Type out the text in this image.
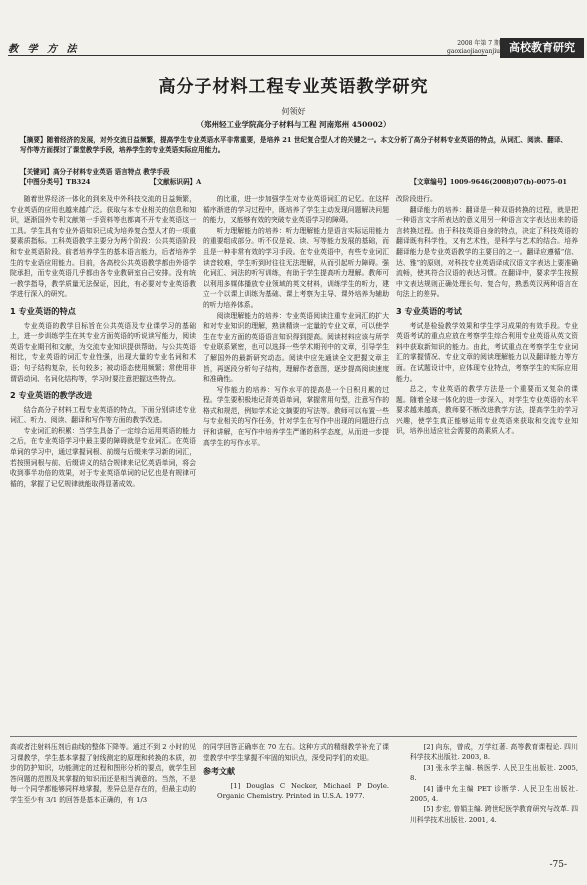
教 学 方 法
2008 年第 7 期
gaoxiaojiaoyanjiu 高校教育研究
高分子材料工程专业英语教学研究
何领好
（郑州轻工业学院高分子材料与工程 河南郑州 450002）
【摘要】随着经济的发展，对外交流日益频繁，提高学生专业英语水平非常重要，是培养 21 世纪复合型人才的关键之一。本文分析了高分子材料专业英语的特点，从词汇、阅读、翻译、写作等方面探讨了课堂教学手段，培养学生的专业英语实际应用能力。
【关键词】高分子材料专业英语 语言特点 教学手段
【中图分类号】TB324	【文献标识码】A	【文章编号】1009-9646(2008)07(b)-0075-01

随着世界经济一体化的到来及中外科技交流的日益频繁，专业英语的应用也越来越广泛。获取与本专业相关的信息和知识，逐渐国外专利文献第一手资料等也都离不开专业英语这一工具。学生具有专业外语知识已成为培养复合型人才的一项重要素质指标。工科英语教学主要分为两个阶段：公共英语阶段和专业英语阶段。前者培养学生的基本语言能力，后者培养学生的专业语应用能力。目前，各高校公共英语教学都由外语学院承担，而专业英语几乎都由各专业教研室自己安排。没有统一教学指导，教学质量无法保证，因此，有必要对专业英语教学进行深入的研究。

1 专业英语的特点

专业英语的教学目标旨在公共英语及专业课学习的基础上，进一步训练学生在其专业方面英语的听说读写能力，阅读英语专业期刊和文献，为交流专业知识提供帮助。与公共英语相比，专业英语的词汇专业性强，出现大量的专业名词和术语；句子结构复杂，长句较多；被动语态使用频繁；常使用非谓语动词、名词化结构等，学习时要注意把握这些特点。

2 专业英语的教学改进

结合高分子材料工程专业英语的特点，下面分别讲述专业词汇、听力、阅读、翻译和写作等方面的教学改进。

专业词汇的积累：当学生具备了一定综合运用英语的能力之后，在专业英语学习中最主要的障碍就是专业词汇。在英语单词的学习中，通过掌握词根、前缀与后缀来学习新的词汇，若按照词根与前、后缀讲义的结合规律来记忆英语单词，将会收到事半功倍的效果，对于专业英语单词的记忆也是有规律可循的，掌握了记忆规律就能取得显著成效。

的比重，进一步加强学生对专业英语词汇的记忆。在这样循序渐进的学习过程中，既培养了学生主动发现问题解决问题的能力，又能够有效的突破专业英语学习的障碍。

听力理解能力的培养：听力理解能力是语言实际运用能力的重要组成部分。听不仅是说、读、写等能力发展的基础，而且是一种非常有效的学习手段。在专业英语中，有些专业词汇读音较难，学生听到时往往无法理解，从而引起听力障碍。强化词汇、词法的听写训练，有助于学生提高听力理解。教师可以利用多媒体播放专业领域的英文材料，训练学生的听力，建立一个以课上训练为基础、课上考察为主导、课外培养为辅助的听力培养体系。

阅读理解能力的培养：专业英语阅读注重专业词汇的扩大和对专业知识的理解，熟读精读一定量的专业文章，可以使学生在专业方面的英语语言知识得到提高。阅读材料应该与所学专业联系紧密，也可以选择一些学术期刊中的文章，引导学生了解国外的最新研究动态。阅读中应先通读全文把握文章主旨，再逐段分析句子结构，理解作者意图，逐步提高阅读速度和准确性。

写作能力的培养：写作水平的提高是一个日积月累的过程。学生要积极地记背英语单词，掌握常用句型，注意写作的格式和规范，例如学术论文摘要的写法等。教师可以布置一些与专业相关的写作任务，针对学生在写作中出现的问题进行点评和讲解，在写作中培养学生严谨的科学态度，从而进一步提高学生的写作水平。

改阶段进行。

翻译能力的培养：翻译是一种双语转换的过程，就是把一种语言文字所表达的意义用另一种语言文字表达出来的语言转换过程。由于科技英语自身的特点，决定了科技英语的翻译既有科学性，又有艺术性，是科学与艺术的结合。培养翻译能力是专业英语教学的主要目的之一。翻译应遵循“信、达、雅”的原则，对科技专业英语译成汉语文字表达上要准确流畅，使其符合汉语的表达习惯。在翻译中，要求学生按照中文表达规则正确处理长句、复合句，熟悉英汉两种语言在句法上的差异。

3 专业英语的考试

考试是检验教学效果和学生学习成果的有效手段。专业英语考试的重点应放在考察学生综合利用专业英语从英文资料中获取新知识的能力。由此，考试重点在考察学生专业词汇的掌握情况、专业文章的阅读理解能力以及翻译能力等方面。在试题设计中，应体现专业特点，考察学生的实际应用能力。

总之，专业英语的教学方法是一个重要而又复杂的课题。随着全球一体化的进一步深入，对学生专业英语的水平要求越来越高，教师要不断改进教学方法，提高学生的学习兴趣，使学生真正能够运用专业英语来获取和交流专业知识，培养出适应社会需要的高素质人才。

高或者注射料压剂后曲线的整体下降等。通过不到 2 小时的见习课教学，学生基本掌握了射线测定的原理和转换的本质，初步的防护知识，功能测定的过程和图形分析的要点，就学生回答问题的范围及其掌握的知识而还是相当满意的。当然，不是每一个同学都能够同样地掌握，差异总是存在的，但最主动的学生至少有 3/1 的回答是基本正确的，有 1/3

的同学回答正确率在 70 左右。这种方式的精细教学补充了课堂教学中学生掌握不牢固的知识点，深受同学们的欢迎。

参考文献

[1] Douglas C Necker, Michael P Doyle. Organic Chemistry. Printed in U.S.A. 1977.

[2] 向东，曾成，万学红著. 高等教育课程论. 四川科学技术出版社. 2003, 8.

[3] 张永学主编. 核医学. 人民卫生出版社. 2005, 8.

[4] 潘中允主编 PET 诊断学. 人民卫生出版社. 2005, 4.

[5] 步宏, 曾娟主编. 跨世纪医学教育研究与改革. 四川科学技术出版社. 2001, 4.

-75-
